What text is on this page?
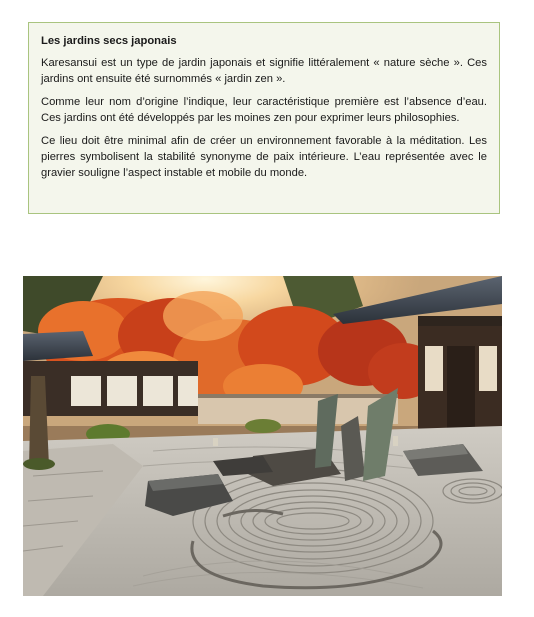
Les jardins secs japonais

Karesansui est un type de jardin japonais et signifie littéralement « nature sèche ». Ces jardins ont ensuite été surnommés « jardin zen ».

Comme leur nom d’origine l’indique, leur caractéristique première est l’absence d’eau. Ces jardins ont été développés par les moines zen pour exprimer leurs philosophies.

Ce lieu doit être minimal afin de créer un environnement favorable à la méditation. Les pierres symbolisent la stabilité synonyme de paix intérieure. L’eau représentée avec le gravier souligne l’aspect instable et mobile du monde.
